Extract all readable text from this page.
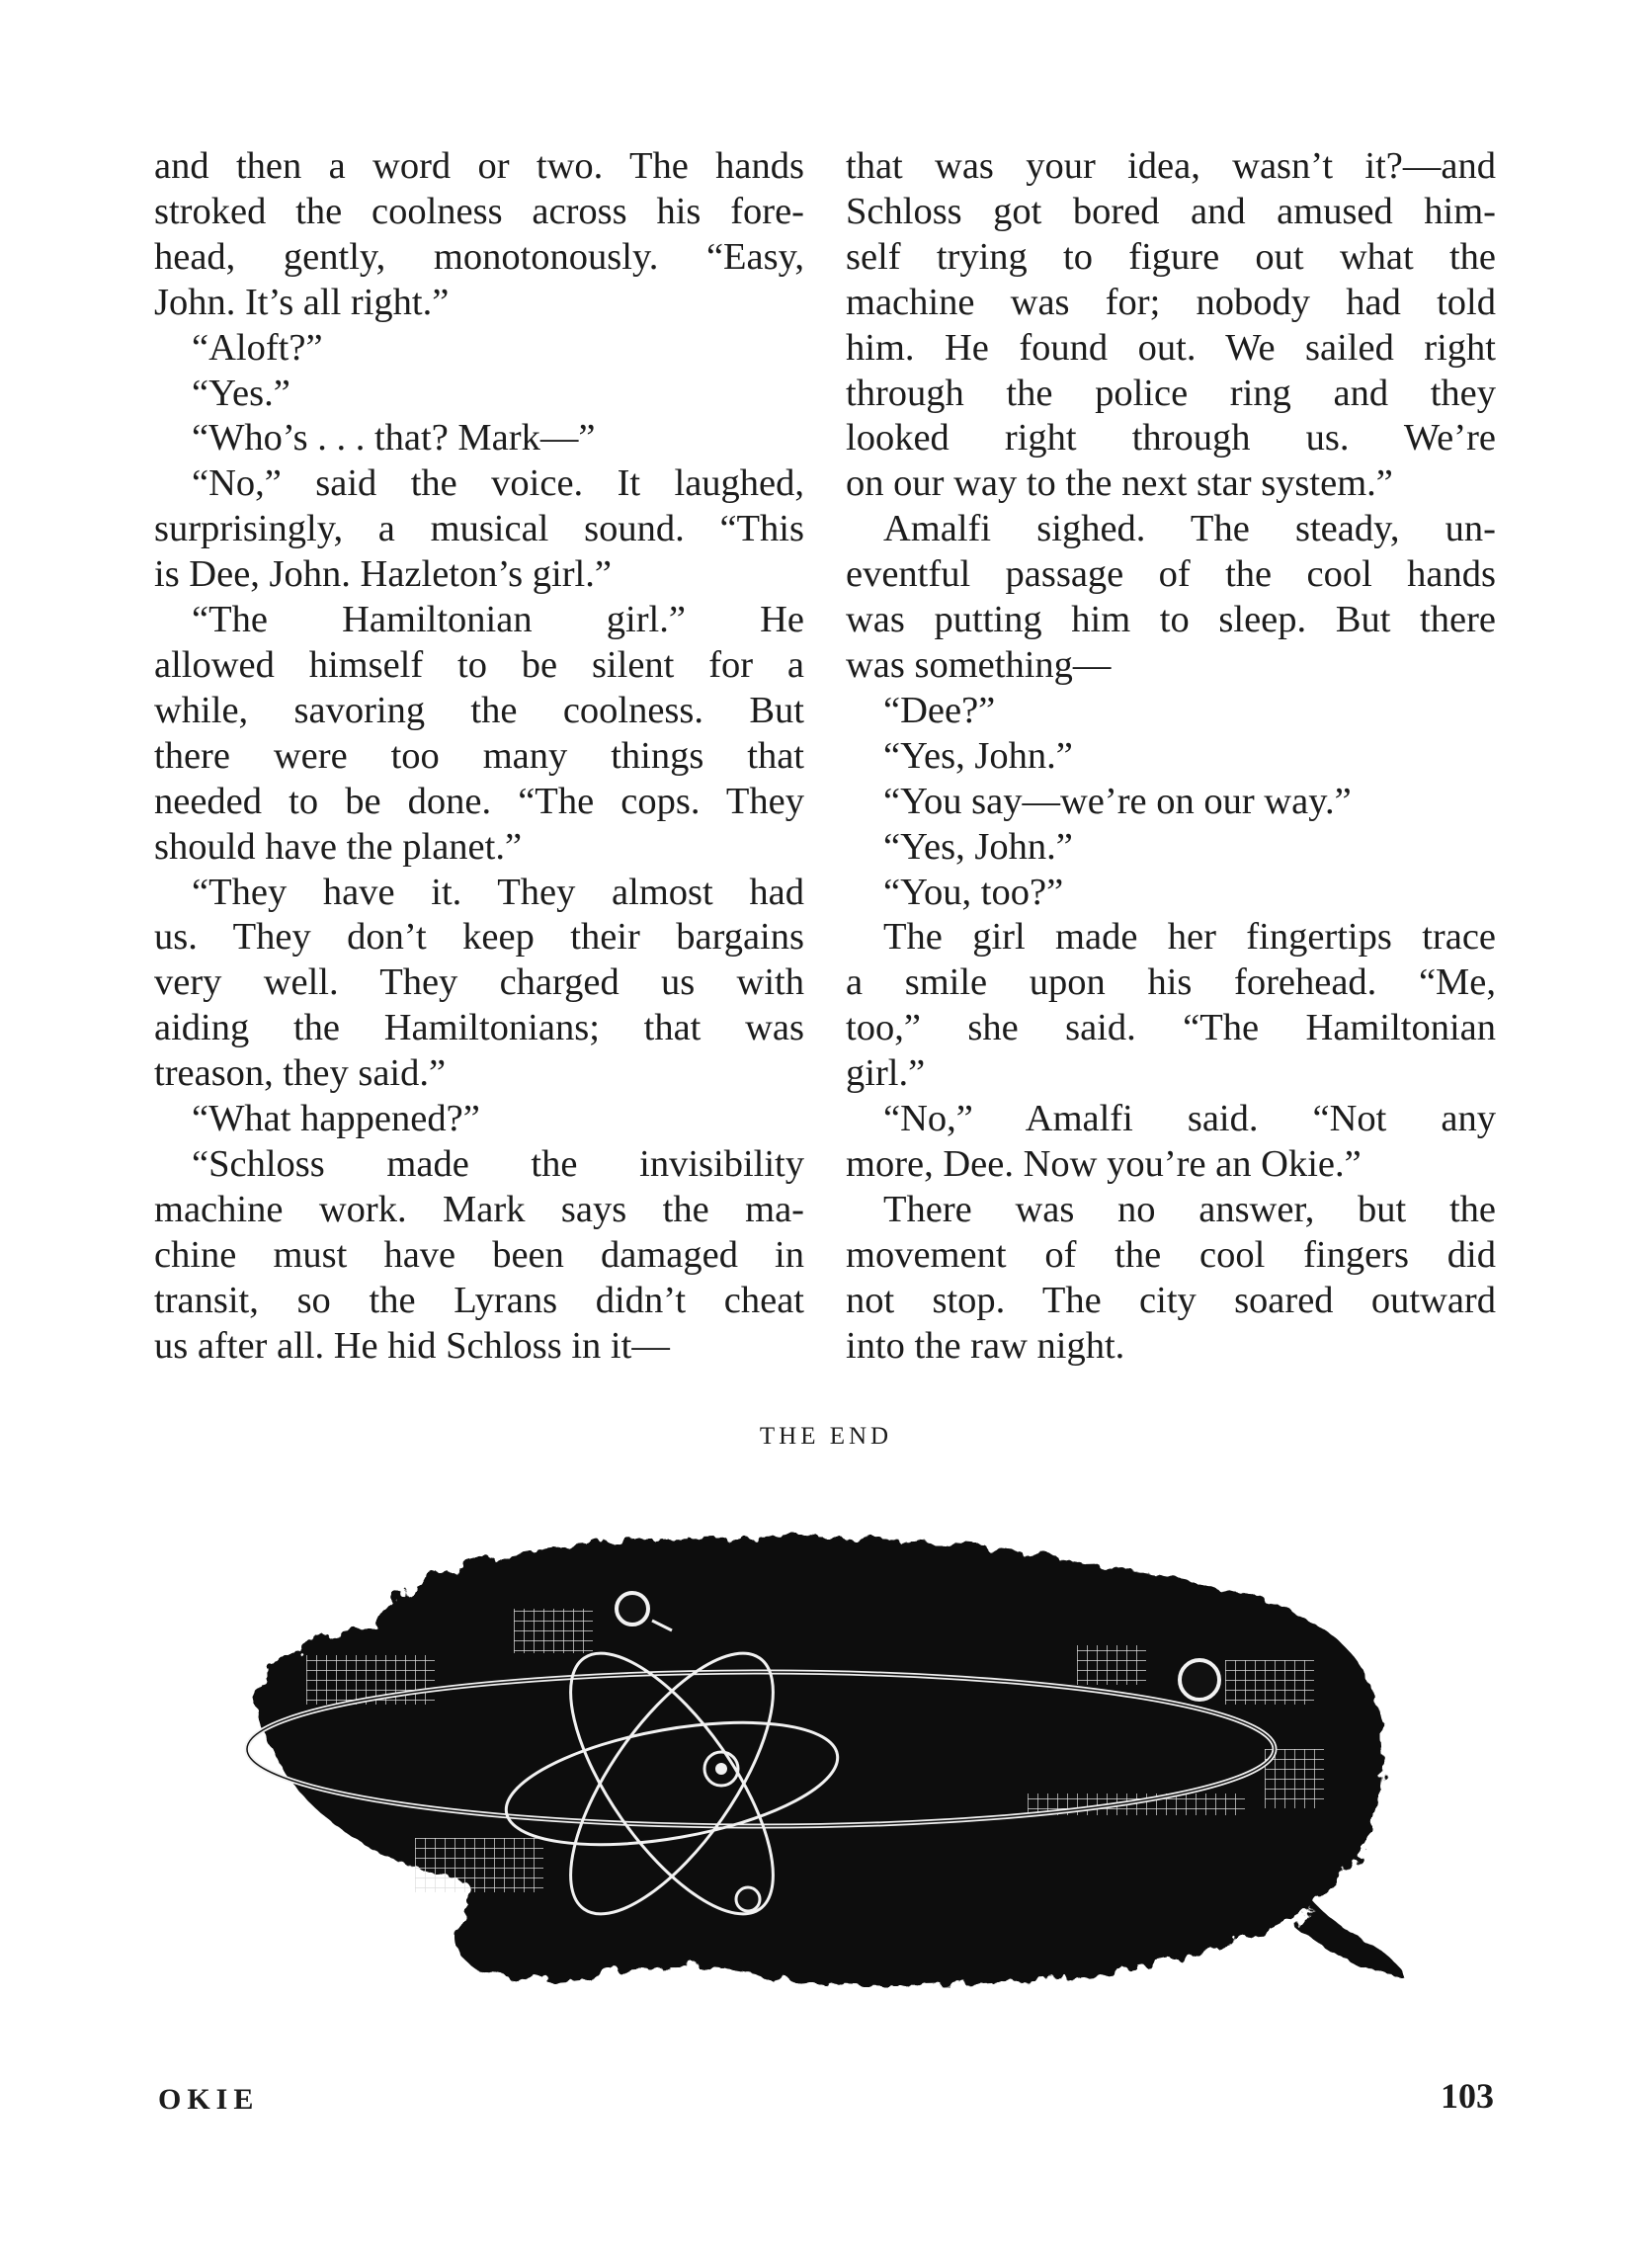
and then a word or two. The hands
stroked the coolness across his fore-
head, gently, monotonously. “Easy,
John. It’s all right.”

“Aloft?”

“Yes.”

“Who’s . . . that? Mark—”

“No,” said the voice. It laughed,
surprisingly, a musical sound. “This
is Dee, John. Hazleton’s girl.”

“The Hamiltonian girl.” He
allowed himself to be silent for a
while, savoring the coolness. But
there were too many things that
needed to be done. “The cops. They
should have the planet.”

“They have it. They almost had
us. They don’t keep their bargains
very well. They charged us with
aiding the Hamiltonians; that was
treason, they said.”

“What happened?”

“Schloss made the invisibility
machine work. Mark says the ma-
chine must have been damaged in
transit, so the Lyrans didn’t cheat
us after all. He hid Schloss in it—

that was your idea, wasn’t it?—and
Schloss got bored and amused him-
self trying to figure out what the
machine was for; nobody had told
him. He found out. We sailed right
through the police ring and they
looked right through us. We’re
on our way to the next star system.”

Amalfi sighed. The steady, un-
eventful passage of the cool hands
was putting him to sleep. But there
was something—

“Dee?”

“Yes, John.”

“You say—we’re on our way.”

“Yes, John.”

“You, too?”

The girl made her fingertips trace
a smile upon his forehead. “Me,
too,” she said. “The Hamiltonian
girl.”

“No,” Amalfi said. “Not any
more, Dee. Now you’re an Okie.”

There was no answer, but the
movement of the cool fingers did
not stop. The city soared outward
into the raw night.

THE END
OKIE	103
